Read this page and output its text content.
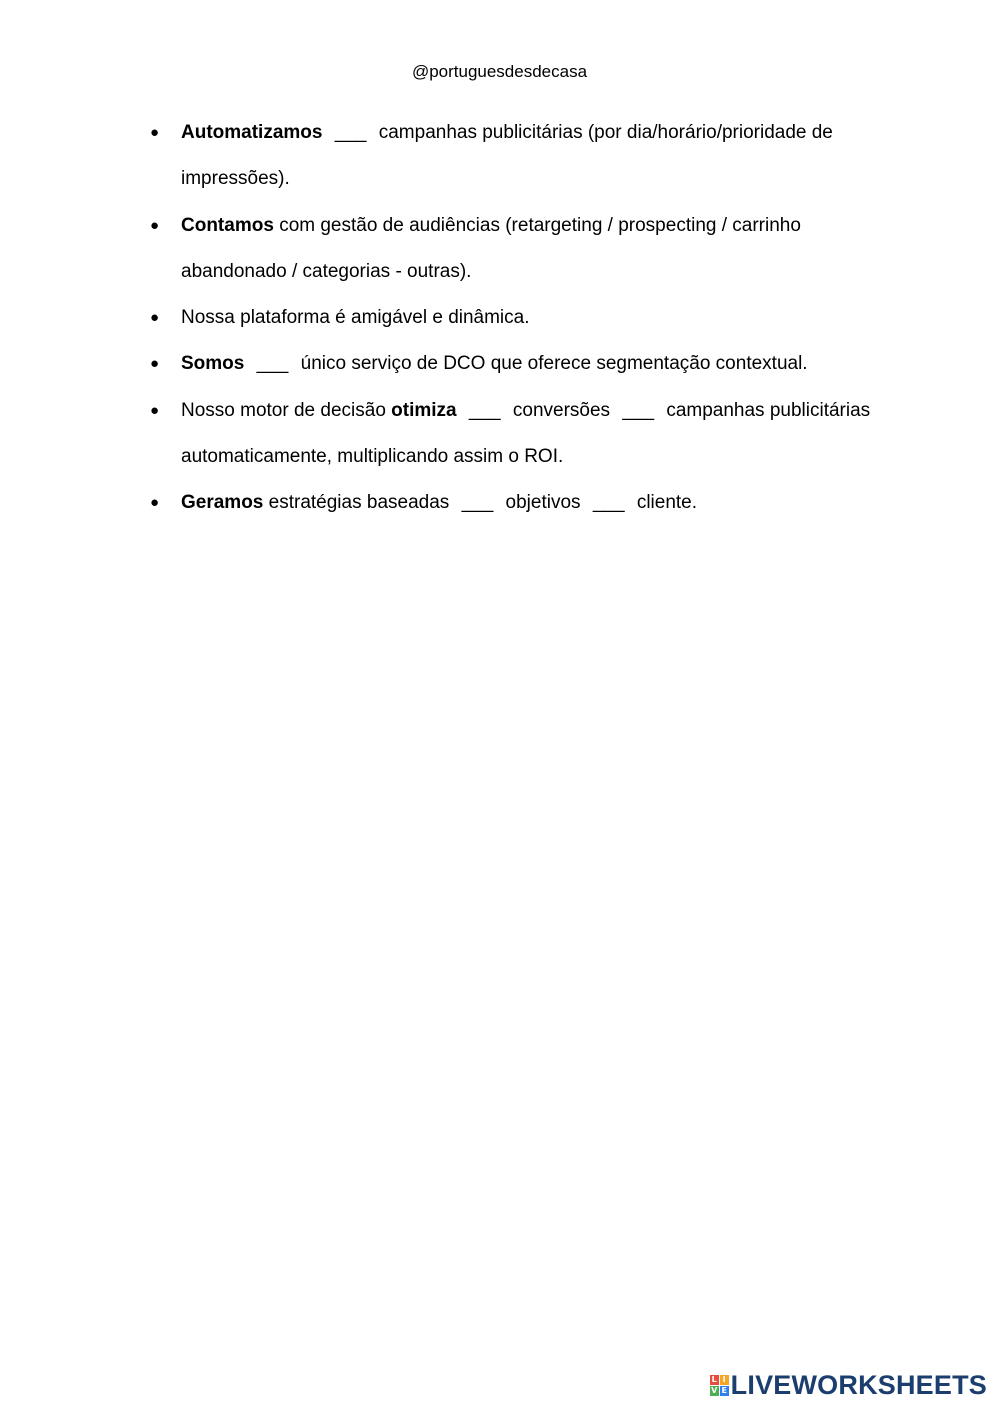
@portuguesdesdecasa
● Automatizamos ___ campanhas publicitárias (por dia/horário/prioridade de impressões).
● Contamos com gestão de audiências (retargeting / prospecting / carrinho abandonado / categorias - outras).
● Nossa plataforma é amigável e dinâmica.
● Somos ___ único serviço de DCO que oferece segmentação contextual.
● Nosso motor de decisão otimiza ___ conversões ___ campanhas publicitárias automaticamente, multiplicando assim o ROI.
● Geramos estratégias baseadas ___ objetivos ___ cliente.
L I
V E LIVEWORKSHEETS
